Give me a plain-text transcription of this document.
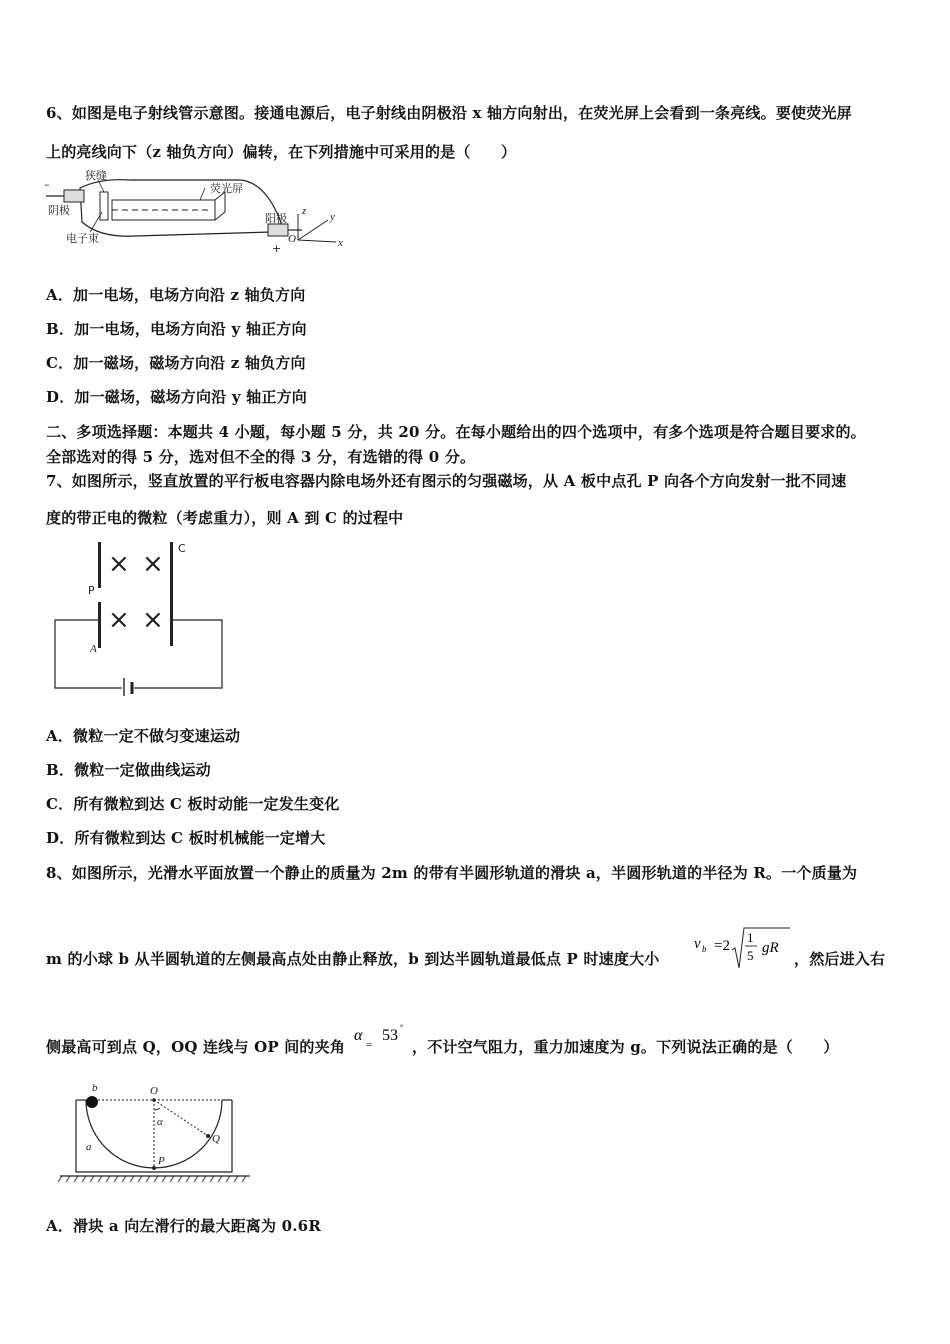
6、如图是电子射线管示意图。接通电源后，电子射线由阴极沿 x 轴方向射出，在荧光屏上会看到一条亮线。要使荧光屏
上的亮线向下（z 轴负方向）偏转，在下列措施中可采用的是（　　）
–
狭缝
荧光屏
阴极
电子束
阳极
+
z y
x
O
A．加一电场，电场方向沿 z 轴负方向
B．加一电场，电场方向沿 y 轴正方向
C．加一磁场，磁场方向沿 z 轴负方向
D．加一磁场，磁场方向沿 y 轴正方向
二、多项选择题：本题共 4 小题，每小题 5 分，共 20 分。在每小题给出的四个选项中，有多个选项是符合题目要求的。
全部选对的得 5 分，选对但不全的得 3 分，有选错的得 0 分。
7、如图所示，竖直放置的平行板电容器内除电场外还有图示的匀强磁场，从 A 板中点孔 P 向各个方向发射一批不同速
度的带正电的微粒（考虑重力），则 A 到 C 的过程中
× ×
× ×
P
A
C
A．微粒一定不做匀变速运动
B．微粒一定做曲线运动
C．所有微粒到达 C 板时动能一定发生变化
D．所有微粒到达 C 板时机械能一定增大
8、如图所示，光滑水平面放置一个静止的质量为 2m 的带有半圆形轨道的滑块 a，半圆形轨道的半径为 R。一个质量为
m 的小球 b 从半圆轨道的左侧最高点处由静止释放，b 到达半圆轨道最低点 P 时速度大小
v b =2
1
5 gR
，然后进入右
侧最高可到点 Q，OQ 连线与 OP 间的夹角
α
=
53 °
，不计空气阻力，重力加速度为 g。下列说法正确的是（　　）
b	O
α
Q
a
P
A．滑块 a 向左滑行的最大距离为 0.6R
